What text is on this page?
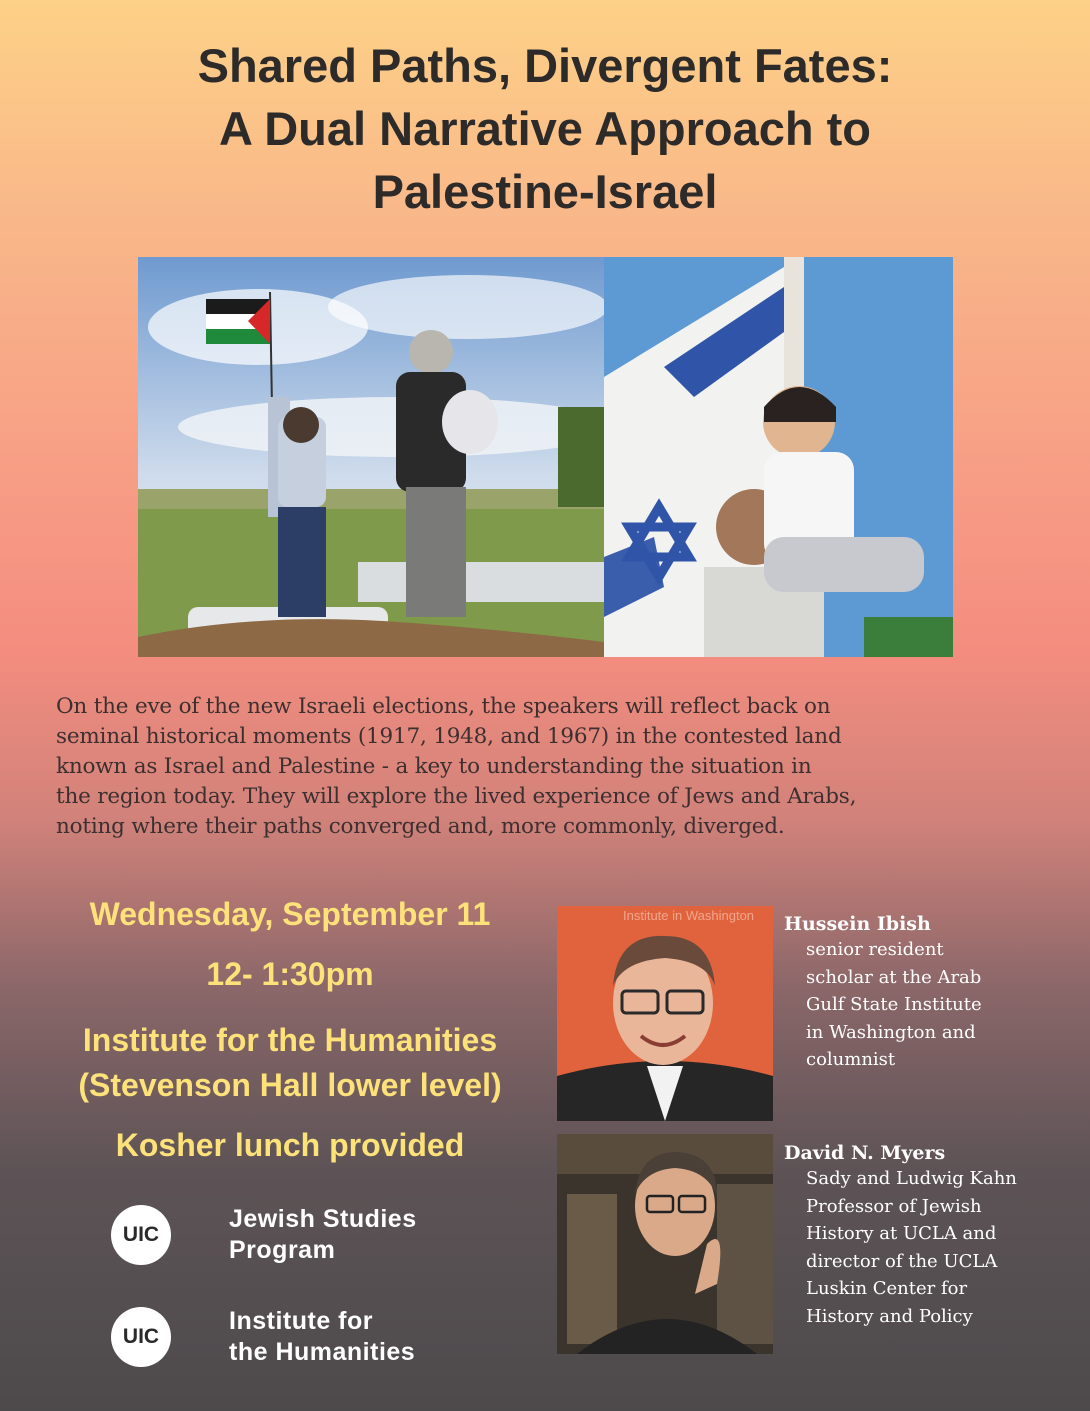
Shared Paths, Divergent Fates:
A Dual Narrative Approach to
Palestine-Israel

On the eve of the new Israeli elections, the speakers will reflect back on
seminal historical moments (1917, 1948, and 1967) in the contested land
known as Israel and Palestine - a key to understanding the situation in
the region today. They will explore the lived experience of Jews and Arabs,
noting where their paths converged and, more commonly, diverged.

Wednesday, September 11
12- 1:30pm
Institute for the Humanities
(Stevenson Hall lower level)
Kosher lunch provided
UIC
Jewish Studies
Program
UIC
Institute for
the Humanities
Institute in Washington Hussein Ibish
senior resident
scholar at the Arab
Gulf State Institute
in Washington and
columnist
David N. Myers
Sady and Ludwig Kahn
Professor of Jewish
History at UCLA and
director of the UCLA
Luskin Center for
History and Policy
